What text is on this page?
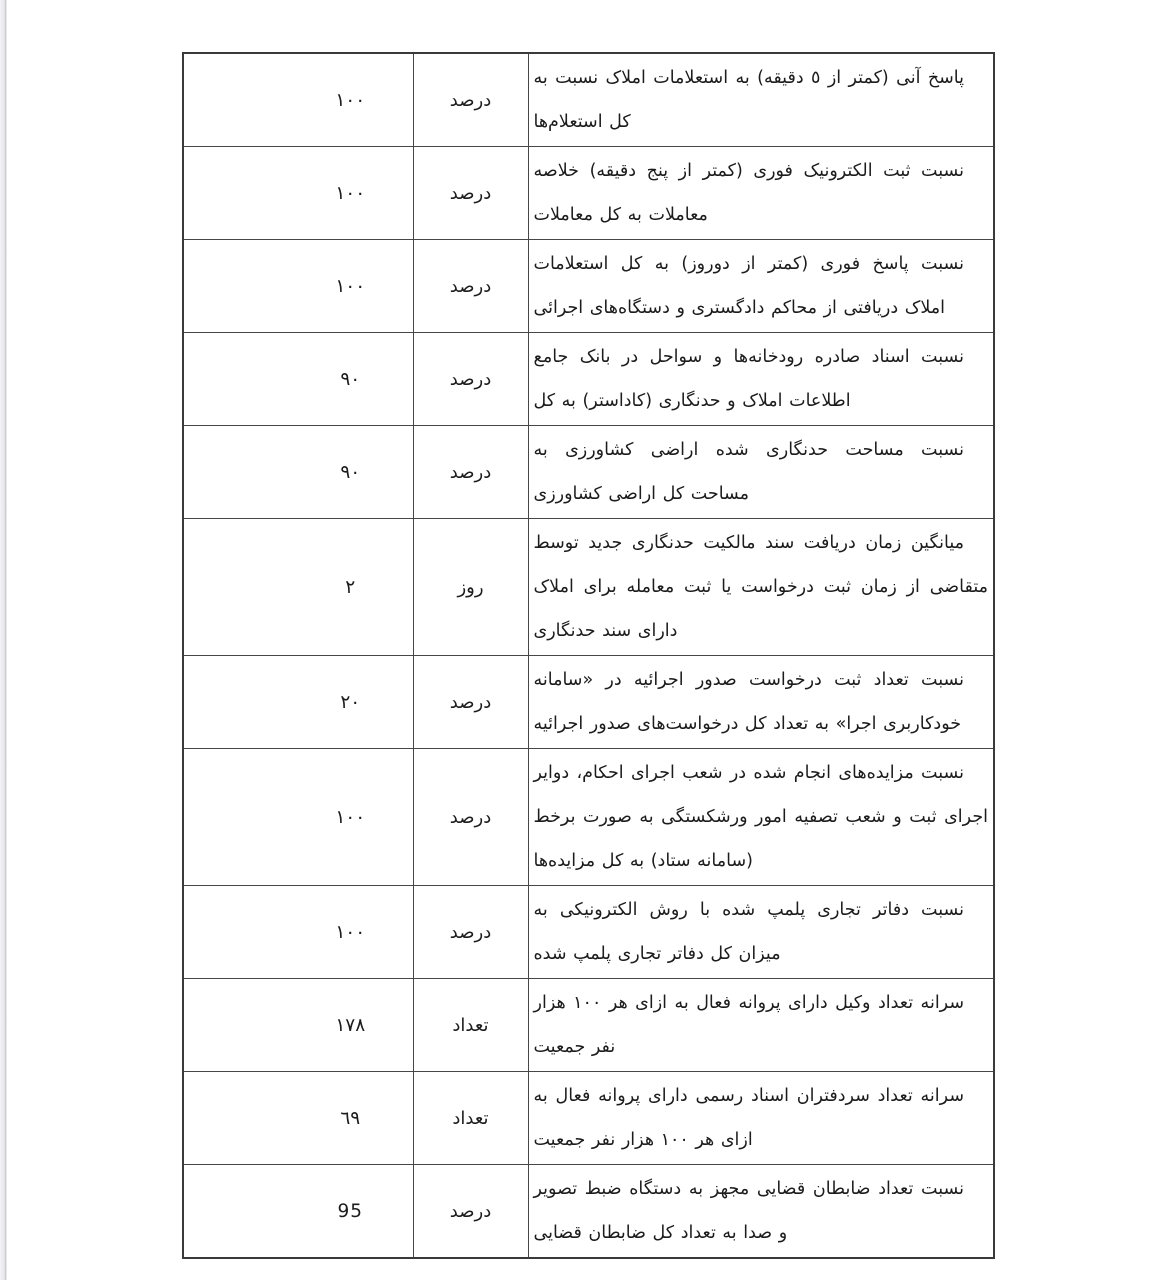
پاسخ آنی (کمتر از ٥ دقیقه) به استعلامات املاک نسبت به کل استعلام‌ها	درصد	١٠٠
نسبت ثبت الکترونیک فوری (کمتر از پنج دقیقه) خلاصه معاملات به کل معاملات	درصد	١٠٠
نسبت پاسخ فوری (کمتر از دوروز) به کل استعلامات املاک دریافتی از محاکم دادگستری و دستگاه‌های اجرائی	درصد	١٠٠
نسبت اسناد صادره رودخانه‌ها و سواحل در بانک جامع اطلاعات املاک و حدنگاری (کاداستر) به کل	درصد	٩٠
نسبت مساحت حدنگاری شده اراضی کشاورزی به مساحت کل اراضی کشاورزی	درصد	٩٠
میانگین زمان دریافت سند مالکیت حدنگاری جدید توسط متقاضی از زمان ثبت درخواست یا ثبت معامله برای املاک دارای سند حدنگاری	روز	٢
نسبت تعداد ثبت درخواست صدور اجرائیه در «سامانه خودکاربری اجرا» به تعداد کل درخواست‌های صدور اجرائیه	درصد	٢٠
نسبت مزایده‌های انجام شده در شعب اجرای احکام، دوایر اجرای ثبت و شعب تصفیه امور ورشکستگی به صورت برخط (سامانه ستاد) به کل مزایده‌ها	درصد	١٠٠
نسبت دفاتر تجاری پلمپ شده با روش الکترونیکی به میزان کل دفاتر تجاری پلمپ شده	درصد	١٠٠
سرانه تعداد وکیل دارای پروانه فعال به ازای هر ١٠٠ هزار نفر جمعیت	تعداد	١٧٨
سرانه تعداد سردفتران اسناد رسمی دارای پروانه فعال به ازای هر ١٠٠ هزار نفر جمعیت	تعداد	٦٩
نسبت تعداد ضابطان قضایی مجهز به دستگاه ضبط تصویر و صدا به تعداد کل ضابطان قضایی	درصد	95
